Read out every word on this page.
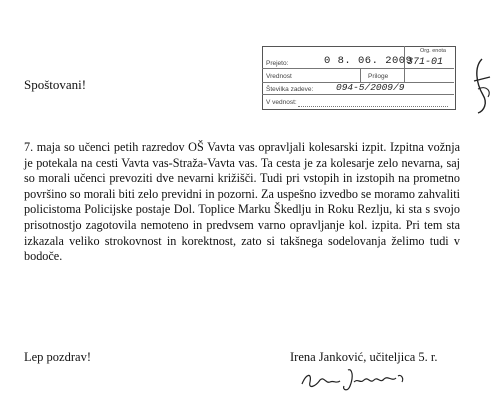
Spoštovani!
Prejeto:	0 8. 06. 2009
Org. enota
371-01
Vrednost	Priloge
Številka zadeve: 094-5/2009/9
V vednost:
7. maja so učenci petih razredov OŠ Vavta vas opravljali kolesarski izpit. Izpitna vožnja je potekala na cesti Vavta vas-Straža-Vavta vas. Ta cesta je za kolesarje zelo nevarna, saj so morali učenci prevoziti dve nevarni križišči. Tudi pri vstopih in izstopih na prometno površino so morali biti zelo previdni in pozorni. Za uspešno izvedbo se moramo zahvaliti policistoma Policijske postaje Dol. Toplice Marku Škedlju in Roku Rezlju, ki sta s svojo prisotnostjo zagotovila nemoteno in predvsem varno opravljanje kol. izpita. Pri tem sta izkazala veliko strokovnost in korektnost, zato si takšnega sodelovanja želimo tudi v bodoče.
Lep pozdrav!	Irena Janković, učiteljica 5. r.
